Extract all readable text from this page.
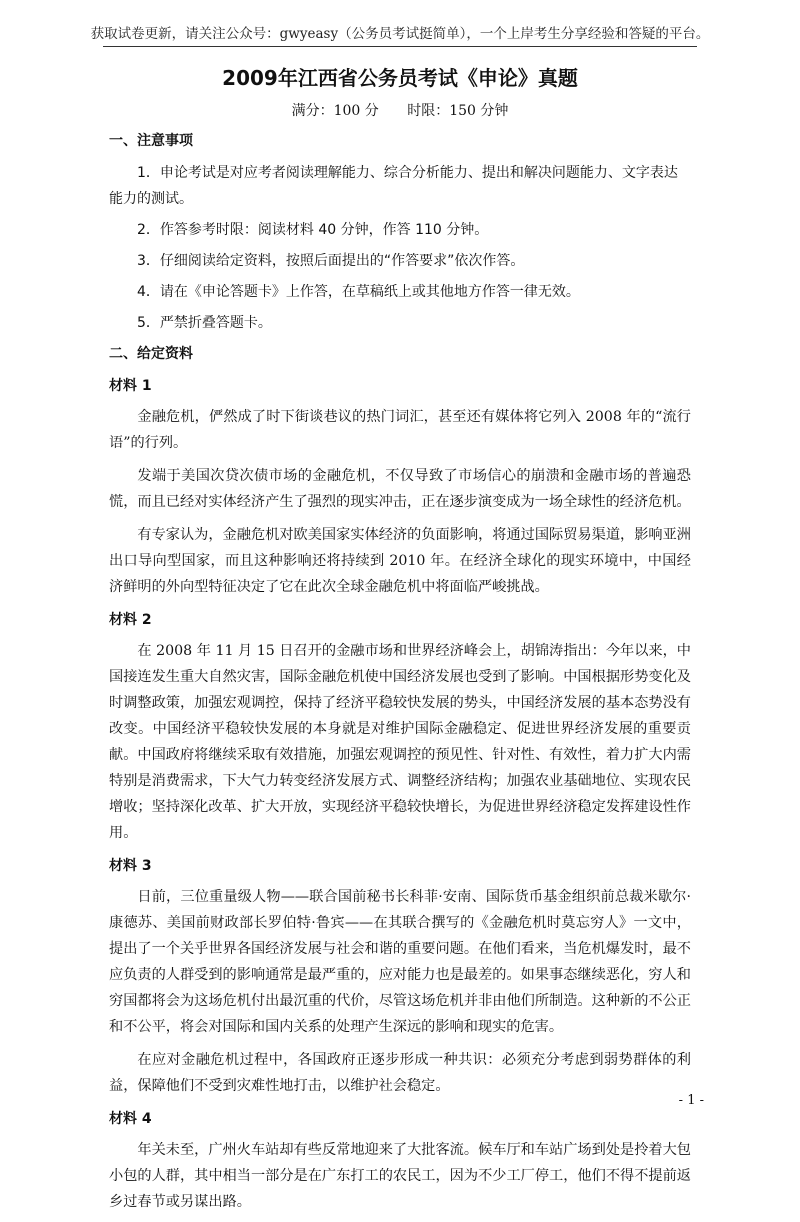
获取试卷更新，请关注公众号：gwyeasy（公务员考试挺简单），一个上岸考生分享经验和答疑的平台。
2009年江西省公务员考试《申论》真题
满分：100 分 时限：150 分钟
一、注意事项
1．申论考试是对应考者阅读理解能力、综合分析能力、提出和解决问题能力、文字表达能力的测试。
2．作答参考时限：阅读材料 40 分钟，作答 110 分钟。
3．仔细阅读给定资料，按照后面提出的“作答要求”依次作答。
4．请在《申论答题卡》上作答，在草稿纸上或其他地方作答一律无效。
5．严禁折叠答题卡。
二、给定资料
材料 1

金融危机，俨然成了时下街谈巷议的热门词汇，甚至还有媒体将它列入 2008 年的“流行语”的行列。

发端于美国次贷次债市场的金融危机，不仅导致了市场信心的崩溃和金融市场的普遍恐慌，而且已经对实体经济产生了强烈的现实冲击，正在逐步演变成为一场全球性的经济危机。

有专家认为，金融危机对欧美国家实体经济的负面影响，将通过国际贸易渠道，影响亚洲出口导向型国家，而且这种影响还将持续到 2010 年。在经济全球化的现实环境中，中国经济鲜明的外向型特征决定了它在此次全球金融危机中将面临严峻挑战。

材料 2

在 2008 年 11 月 15 日召开的金融市场和世界经济峰会上，胡锦涛指出：今年以来，中国接连发生重大自然灾害，国际金融危机使中国经济发展也受到了影响。中国根据形势变化及时调整政策，加强宏观调控，保持了经济平稳较快发展的势头，中国经济发展的基本态势没有改变。中国经济平稳较快发展的本身就是对维护国际金融稳定、促进世界经济发展的重要贡献。中国政府将继续采取有效措施，加强宏观调控的预见性、针对性、有效性，着力扩大内需特别是消费需求，下大气力转变经济发展方式、调整经济结构；加强农业基础地位、实现农民增收；坚持深化改革、扩大开放，实现经济平稳较快增长，为促进世界经济稳定发挥建设性作用。

材料 3

日前，三位重量级人物——联合国前秘书长科菲·安南、国际货币基金组织前总裁米歇尔·康德苏、美国前财政部长罗伯特·鲁宾——在其联合撰写的《金融危机时莫忘穷人》一文中，提出了一个关乎世界各国经济发展与社会和谐的重要问题。在他们看来，当危机爆发时，最不应负责的人群受到的影响通常是最严重的，应对能力也是最差的。如果事态继续恶化，穷人和穷国都将会为这场危机付出最沉重的代价，尽管这场危机并非由他们所制造。这种新的不公正和不公平，将会对国际和国内关系的处理产生深远的影响和现实的危害。

在应对金融危机过程中，各国政府正逐步形成一种共识：必须充分考虑到弱势群体的利益，保障他们不受到灾难性地打击，以维护社会稳定。

材料 4

年关未至，广州火车站却有些反常地迎来了大批客流。候车厅和车站广场到处是拎着大包小包的人群，其中相当一部分是在广东打工的农民工，因为不少工厂停工，他们不得不提前返乡过春节或另谋出路。

- 1 -
